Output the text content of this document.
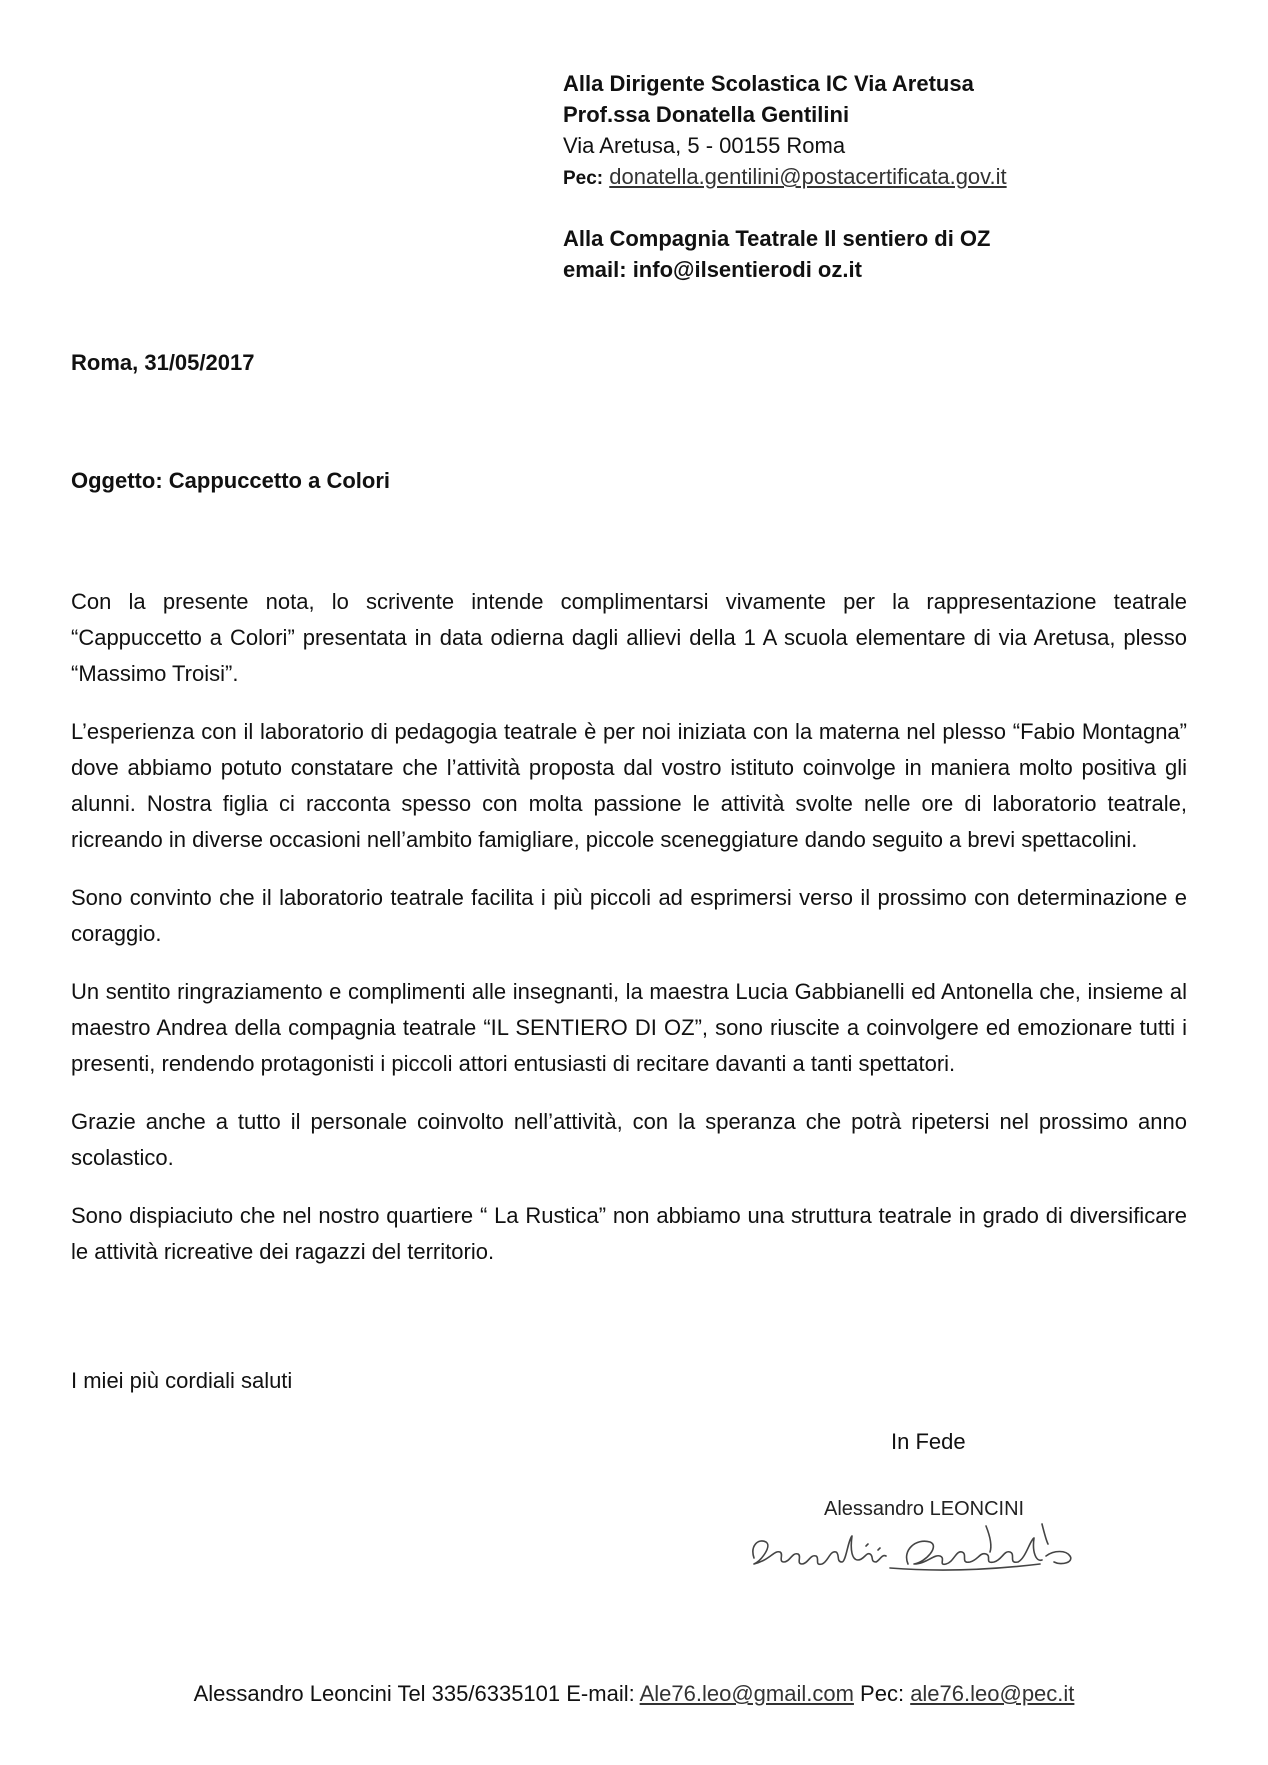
Alla Dirigente Scolastica IC Via Aretusa
Prof.ssa Donatella Gentilini
Via Aretusa, 5 - 00155 Roma
Pec: donatella.gentilini@postacertificata.gov.it
Alla Compagnia Teatrale Il sentiero di OZ
email: info@ilsentierodi oz.it
Roma, 31/05/2017
Oggetto: Cappuccetto a Colori

Con la presente nota, lo scrivente intende complimentarsi vivamente per la rappresentazione teatrale “Cappuccetto a Colori” presentata in data odierna dagli allievi della 1 A scuola elementare di via Aretusa, plesso “Massimo Troisi”.

L’esperienza con il laboratorio di pedagogia teatrale è per noi iniziata con la materna nel plesso “Fabio Montagna” dove abbiamo potuto constatare che l’attività proposta dal vostro istituto coinvolge in maniera molto positiva gli alunni. Nostra figlia ci racconta spesso con molta passione le attività svolte nelle ore di laboratorio teatrale, ricreando in diverse occasioni nell’ambito famigliare, piccole sceneggiature dando seguito a brevi spettacolini.

Sono convinto che il laboratorio teatrale facilita i più piccoli ad esprimersi verso il prossimo con determinazione e coraggio.

Un sentito ringraziamento e complimenti alle insegnanti, la maestra Lucia Gabbianelli ed Antonella che, insieme al maestro Andrea della compagnia teatrale “IL SENTIERO DI OZ”, sono riuscite a coinvolgere ed emozionare tutti i presenti, rendendo protagonisti i piccoli attori entusiasti di recitare davanti a tanti spettatori.

Grazie anche a tutto il personale coinvolto nell’attività, con la speranza che potrà ripetersi nel prossimo anno scolastico.

Sono dispiaciuto che nel nostro quartiere “ La Rustica” non abbiamo una struttura teatrale in grado di diversificare le attività ricreative dei ragazzi del territorio.

I miei più cordiali saluti
In Fede
Alessandro LEONCINI
Alessandro Leoncini Tel 335/6335101 E-mail: Ale76.leo@gmail.com Pec: ale76.leo@pec.it
